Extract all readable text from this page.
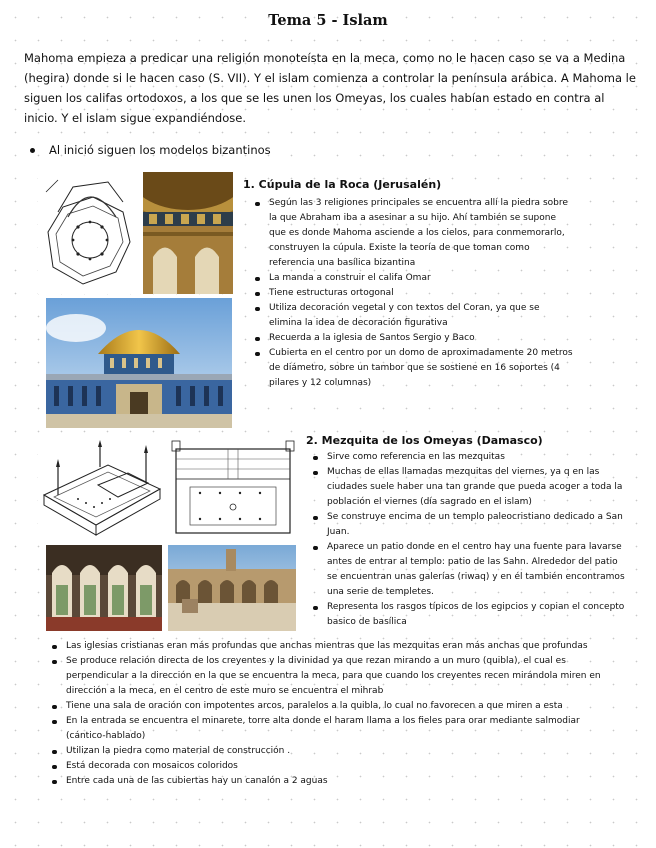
Tema 5 - Islam
Mahoma empieza a predicar una religión monoteísta en la meca, como no le hacen caso se va a Medina (hegira) donde si le hacen caso (S. VII). Y el islam comienza a controlar la península arábica. A Mahoma le siguen los califas ortodoxos, a los que se les unen los Omeyas, los cuales habían estado en contra al inicio. Y el islam sigue expandiéndose.
Al inició siguen los modelos bizantinos
1. Cúpula de la Roca (Jerusalén)
Según las 3 religiones principales se encuentra allí la piedra sobre la que Abraham iba a asesinar a su hijo. Ahí también se supone que es donde Mahoma asciende a los cielos, para conmemorarlo, construyen la cúpula. Existe la teoría de que toman como referencia una basílica bizantina
La manda a construir el califa Omar
Tiene estructuras ortogonal
Utiliza decoración vegetal y con textos del Coran, ya que se elimina la idea de decoración figurativa
Recuerda a la iglesia de Santos Sergio y Baco
Cubierta en el centro por un domo de aproximadamente 20 metros de diámetro, sobre un tambor que se sostiene en 16 soportes (4 pilares y 12 columnas)
2. Mezquita de los Omeyas (Damasco)
Sirve como referencia en las mezquitas
Muchas de ellas llamadas mezquitas del viernes, ya q en las ciudades suele haber una tan grande que pueda acoger a toda la población el viernes (día sagrado en el islam)
Se construye encima de un templo paleocristiano dedicado a San Juan.
Aparece un patio donde en el centro hay una fuente para lavarse antes de entrar al templo: patio de las Sahn. Alrededor del patio se encuentran unas galerías (riwaq) y en él también encontramos una serie de templetes.
Representa los rasgos típicos de los egipcios y copian el concepto basico de basílica
Las iglesias cristianas eran más profundas que anchas mientras que las mezquitas eran más anchas que profundas
Se produce relación directa de los creyentes y la divinidad ya que rezan mirando a un muro (quibla), el cual es perpendicular a la dirección en la que se encuentra la meca, para que cuando los creyentes recen mirándola miren en dirección a la meca, en el centro de este muro se encuentra el mihrab
Tiene una sala de oración con impotentes arcos, paralelos a la quibla, lo cual no favorecen a que miren a esta
En la entrada se encuentra el minarete, torre alta donde el haram llama a los fieles para orar mediante salmodiar (cántico-hablado)
Utilizan la piedra como material de construcción .
Está decorada con mosaicos coloridos
Entre cada una de las cubiertas hay un canalón a 2 aguas
